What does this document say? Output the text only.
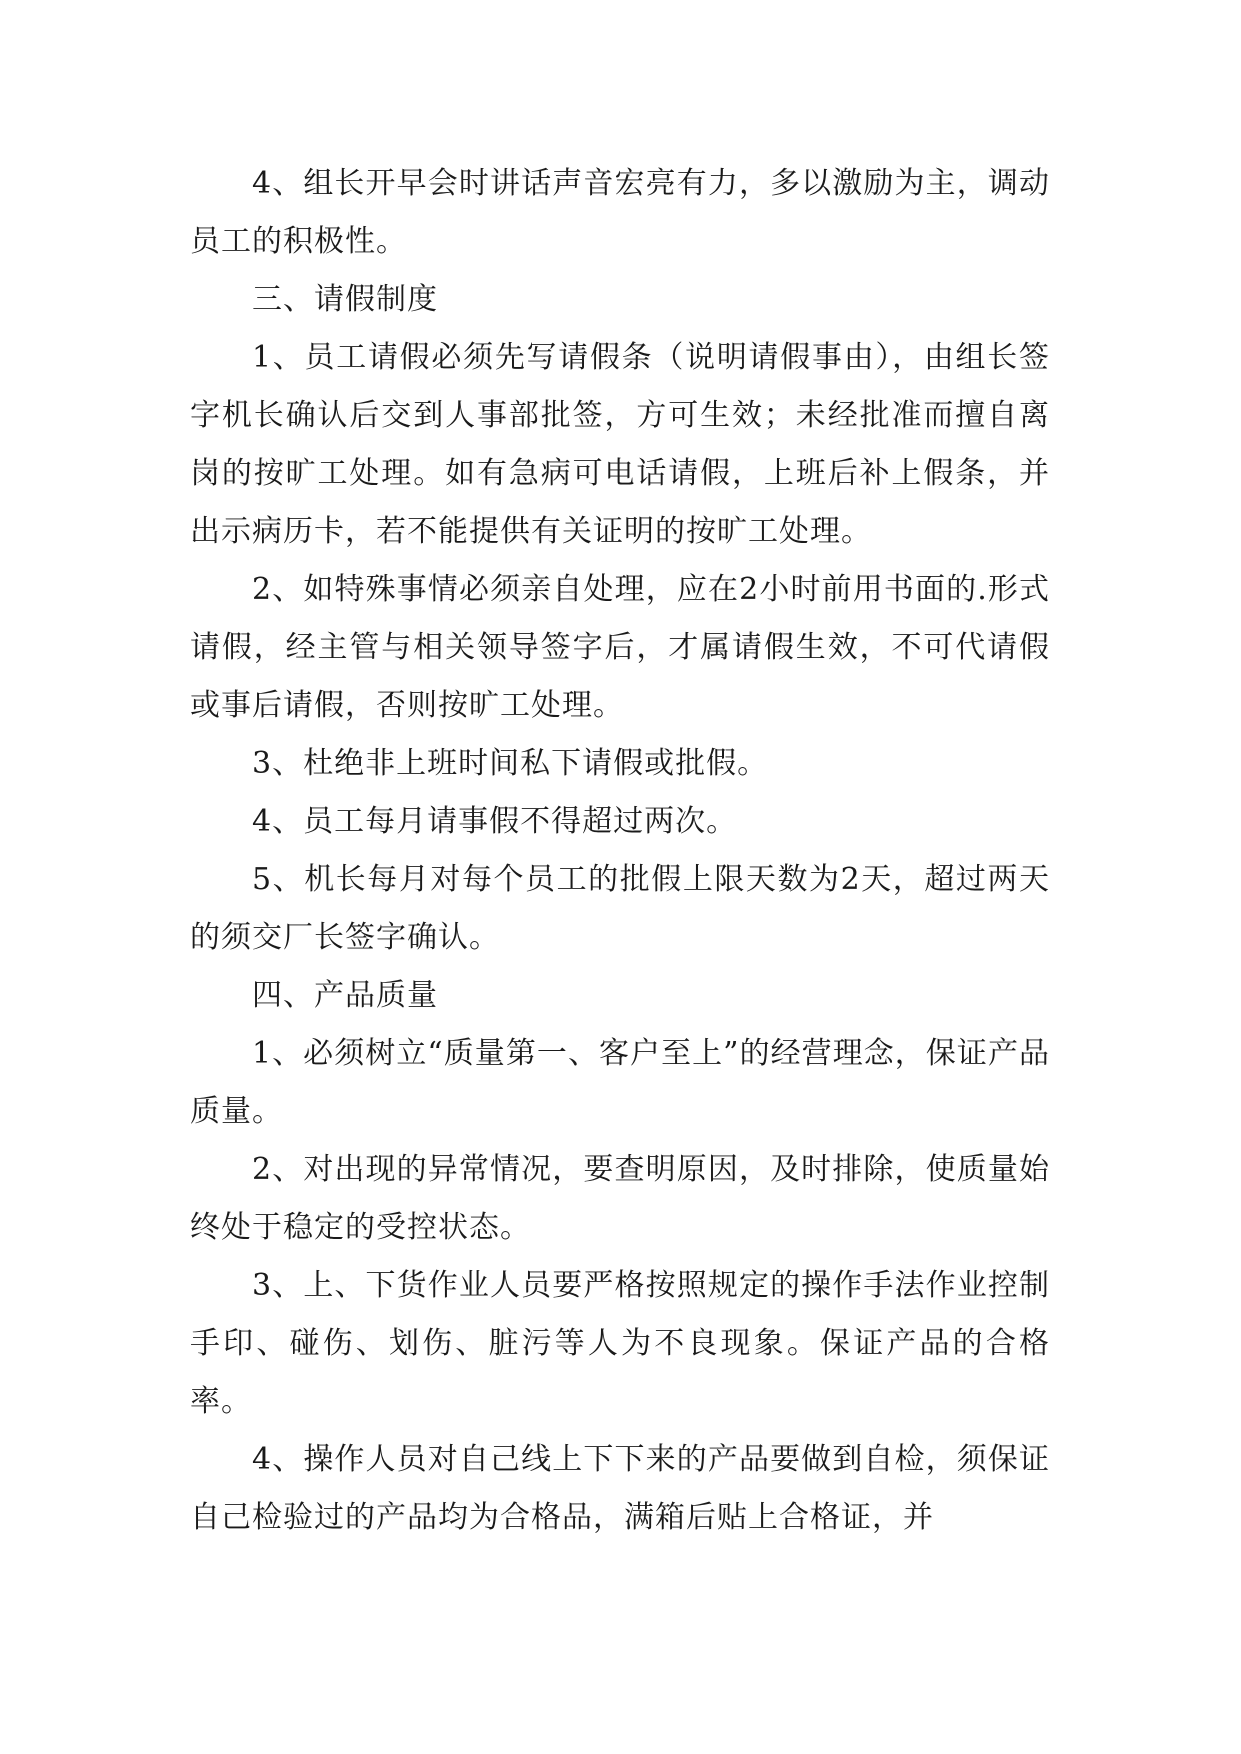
4、组长开早会时讲话声音宏亮有力，多以激励为主，调动员工的积极性。

三、请假制度

1、员工请假必须先写请假条（说明请假事由），由组长签字机长确认后交到人事部批签，方可生效；未经批准而擅自离岗的按旷工处理。如有急病可电话请假，上班后补上假条，并出示病历卡，若不能提供有关证明的按旷工处理。

2、如特殊事情必须亲自处理，应在2小时前用书面的.形式请假，经主管与相关领导签字后，才属请假生效，不可代请假或事后请假，否则按旷工处理。

3、杜绝非上班时间私下请假或批假。

4、员工每月请事假不得超过两次。

5、机长每月对每个员工的批假上限天数为2天，超过两天的须交厂长签字确认。

四、产品质量

1、必须树立“质量第一、客户至上”的经营理念，保证产品质量。

2、对出现的异常情况，要查明原因，及时排除，使质量始终处于稳定的受控状态。

3、上、下货作业人员要严格按照规定的操作手法作业控制手印、碰伤、划伤、脏污等人为不良现象。保证产品的合格率。

4、操作人员对自己线上下下来的产品要做到自检，须保证自己检验过的产品均为合格品，满箱后贴上合格证，并
